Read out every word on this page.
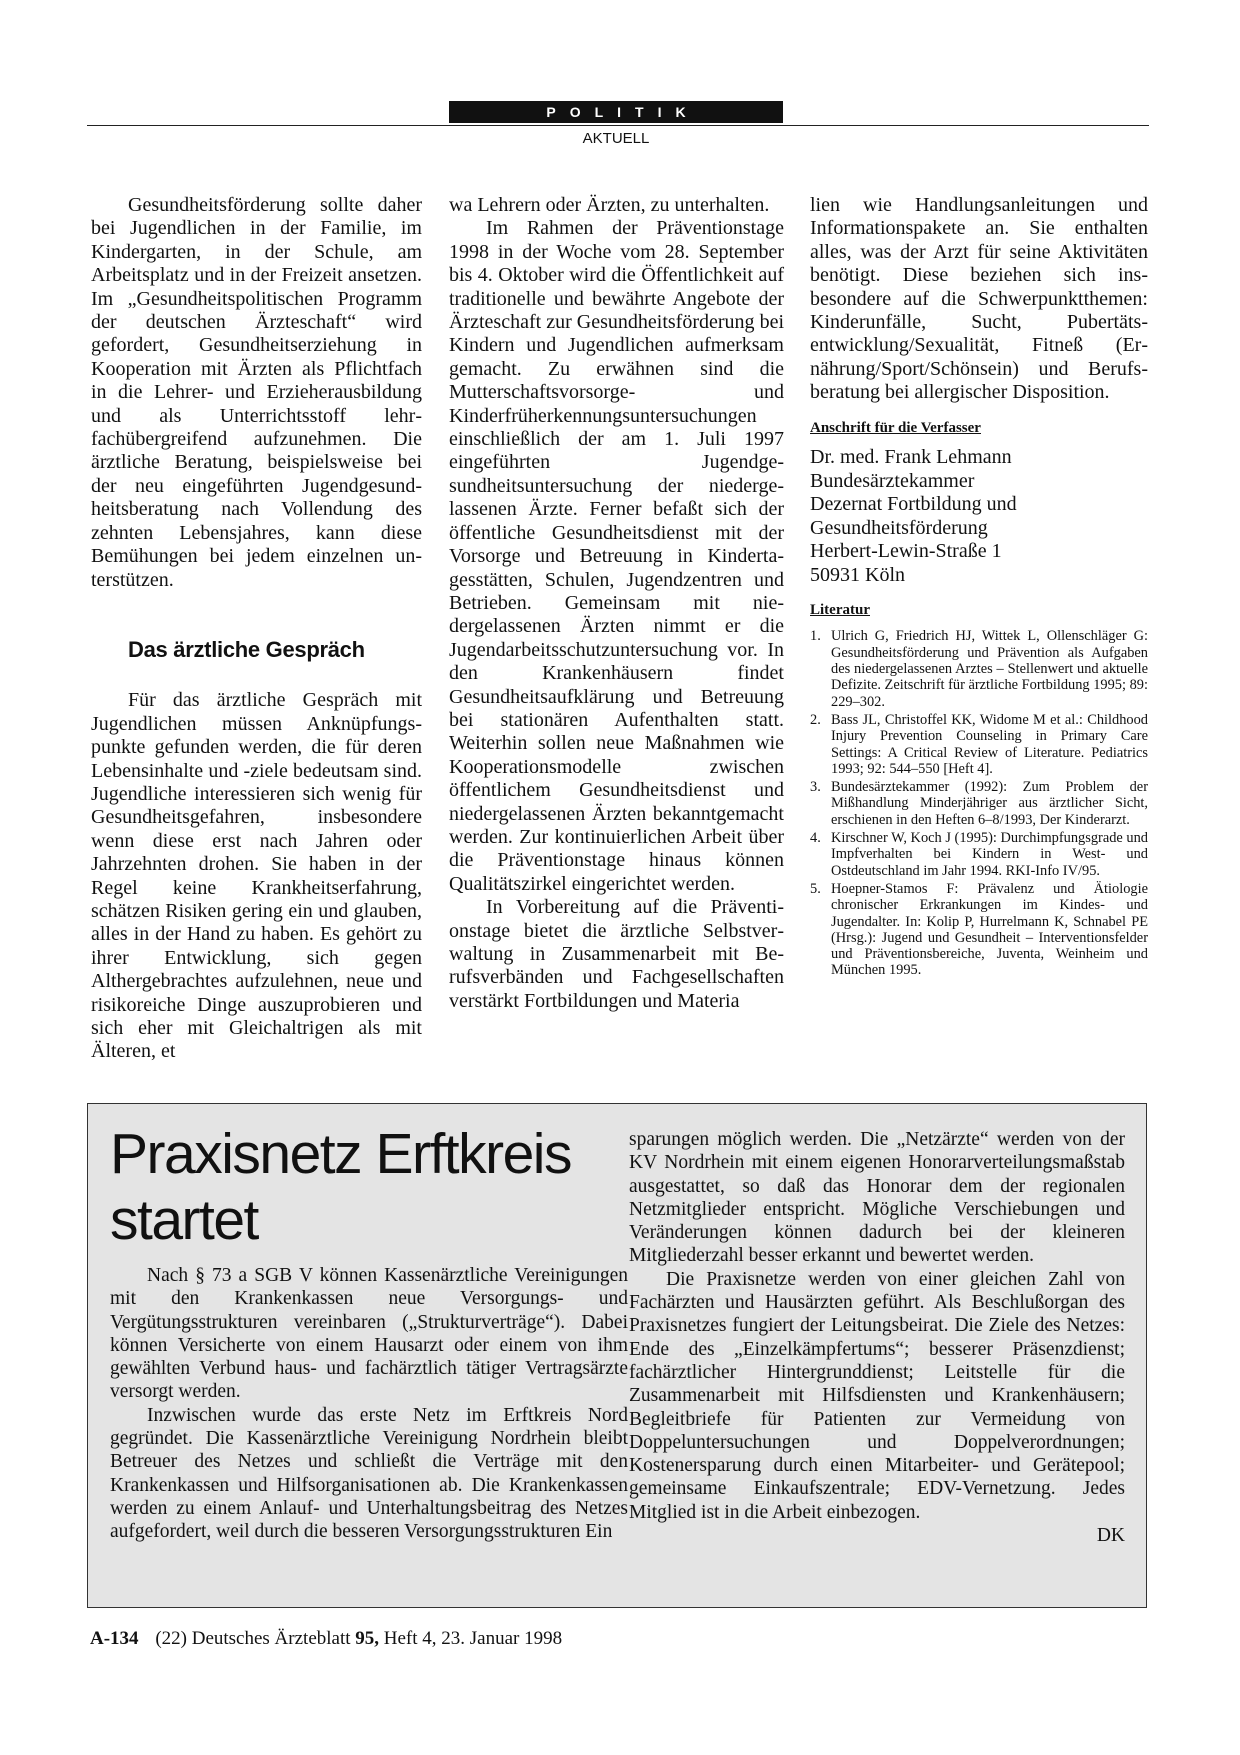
POLITIK
AKTUELL

Gesundheitsförderung sollte daher bei Jugendlichen in der Familie, im Kindergarten, in der Schule, am Arbeitsplatz und in der Freizeit ansetzen. Im „Gesundheitspolitischen Programm der deutschen Ärzteschaft“ wird gefordert, Gesundheitserziehung in Kooperation mit Ärzten als Pflichtfach in die Lehrer- und Erzieherausbildung und als Unterrichtsstoff lehrfachübergreifend aufzunehmen. Die ärztliche Beratung, beispielsweise bei der neu eingeführten Jugendgesundheitsberatung nach Vollendung des zehnten Lebensjahres, kann diese Bemühungen bei jedem einzelnen unterstützen.

Das ärztliche Gespräch

Für das ärztliche Gespräch mit Jugendlichen müssen Anknüpfungspunkte gefunden werden, die für deren Lebensinhalte und -ziele bedeutsam sind. Jugendliche interessieren sich wenig für Gesundheitsgefahren, insbesondere wenn diese erst nach Jahren oder Jahrzehnten drohen. Sie haben in der Regel keine Krankheitserfahrung, schätzen Risiken gering ein und glauben, alles in der Hand zu haben. Es gehört zu ihrer Entwicklung, sich gegen Althergebrachtes aufzulehnen, neue und risikoreiche Dinge auszuprobieren und sich eher mit Gleichaltrigen als mit Älteren, et

wa Lehrern oder Ärzten, zu unterhalten.

Im Rahmen der Präventionstage 1998 in der Woche vom 28. September bis 4. Oktober wird die Öffentlichkeit auf traditionelle und bewährte Angebote der Ärzteschaft zur Gesundheitsförderung bei Kindern und Jugendlichen aufmerksam gemacht. Zu erwähnen sind die Mutterschaftsvorsorge- und Kinderfrüherkennungsuntersuchungen einschließlich der am 1. Juli 1997 eingeführten Jugendgesundheitsuntersuchung der niedergelassenen Ärzte. Ferner befaßt sich der öffentliche Gesundheitsdienst mit der Vorsorge und Betreuung in Kindertagesstätten, Schulen, Jugendzentren und Betrieben. Gemeinsam mit niedergelassenen Ärzten nimmt er die Jugendarbeitsschutzuntersuchung vor. In den Krankenhäusern findet Gesundheitsaufklärung und Betreuung bei stationären Aufenthalten statt. Weiterhin sollen neue Maßnahmen wie Kooperationsmodelle zwischen öffentlichem Gesundheitsdienst und niedergelassenen Ärzten bekanntgemacht werden. Zur kontinuierlichen Arbeit über die Präventionstage hinaus können Qualitätszirkel eingerichtet werden.

In Vorbereitung auf die Präventionstage bietet die ärztliche Selbstverwaltung in Zusammenarbeit mit Berufsverbänden und Fachgesellschaften verstärkt Fortbildungen und Materia

lien wie Handlungsanleitungen und Informationspakete an. Sie enthalten alles, was der Arzt für seine Aktivitäten benötigt. Diese beziehen sich insbesondere auf die Schwerpunktthemen: Kinderunfälle, Sucht, Pubertätsentwicklung/Sexualität, Fitneß (Ernährung/Sport/Schönsein) und Berufsberatung bei allergischer Disposition.

Anschrift für die Verfasser
Dr. med. Frank Lehmann
Bundesärztekammer
Dezernat Fortbildung und
Gesundheitsförderung
Herbert-Lewin-Straße 1
50931 Köln
Literatur
1. Ulrich G, Friedrich HJ, Wittek L, Ollenschläger G: Gesundheitsförderung und Prävention als Aufgaben des niedergelassenen Arztes – Stellenwert und aktuelle Defizite. Zeitschrift für ärztliche Fortbildung 1995; 89: 229–302.
2. Bass JL, Christoffel KK, Widome M et al.: Childhood Injury Prevention Counseling in Primary Care Settings: A Critical Review of Literature. Pediatrics 1993; 92: 544–550 [Heft 4].
3. Bundesärztekammer (1992): Zum Problem der Mißhandlung Minderjähriger aus ärztlicher Sicht, erschienen in den Heften 6–8/1993, Der Kinderarzt.
4. Kirschner W, Koch J (1995): Durchimpfungsgrade und Impfverhalten bei Kindern in West- und Ostdeutschland im Jahr 1994. RKI-Info IV/95.
5. Hoepner-Stamos F: Prävalenz und Ätiologie chronischer Erkrankungen im Kindes- und Jugendalter. In: Kolip P, Hurrelmann K, Schnabel PE (Hrsg.): Jugend und Gesundheit – Interventionsfelder und Präventionsbereiche, Juventa, Weinheim und München 1995.
Praxisnetz Erftkreis startet

Nach § 73 a SGB V können Kassenärztliche Vereinigungen mit den Krankenkassen neue Versorgungs- und Vergütungsstrukturen vereinbaren („Strukturverträge“). Dabei können Versicherte von einem Hausarzt oder einem von ihm gewählten Verbund haus- und fachärztlich tätiger Vertragsärzte versorgt werden.

Inzwischen wurde das erste Netz im Erftkreis Nord gegründet. Die Kassenärztliche Vereinigung Nordrhein bleibt Betreuer des Netzes und schließt die Verträge mit den Krankenkassen und Hilfsorganisationen ab. Die Krankenkassen werden zu einem Anlauf- und Unterhaltungsbeitrag des Netzes aufgefordert, weil durch die besseren Versorgungsstrukturen Ein

sparungen möglich werden. Die „Netzärzte“ werden von der KV Nordrhein mit einem eigenen Honorarverteilungsmaßstab ausgestattet, so daß das Honorar dem der regionalen Netzmitglieder entspricht. Mögliche Verschiebungen und Veränderungen können dadurch bei der kleineren Mitgliederzahl besser erkannt und bewertet werden.

Die Praxisnetze werden von einer gleichen Zahl von Fachärzten und Hausärzten geführt. Als Beschlußorgan des Praxisnetzes fungiert der Leitungsbeirat. Die Ziele des Netzes: Ende des „Einzelkämpfertums“; besserer Präsenzdienst; fachärztlicher Hintergrunddienst; Leitstelle für die Zusammenarbeit mit Hilfsdiensten und Krankenhäusern; Begleitbriefe für Patienten zur Vermeidung von Doppeluntersuchungen und Doppelverordnungen; Kostenersparung durch einen Mitarbeiter- und Gerätepool; gemeinsame Einkaufszentrale; EDV-Vernetzung. Jedes Mitglied ist in die Arbeit einbezogen.

DK

A-134 (22) Deutsches Ärzteblatt 95, Heft 4, 23. Januar 1998
